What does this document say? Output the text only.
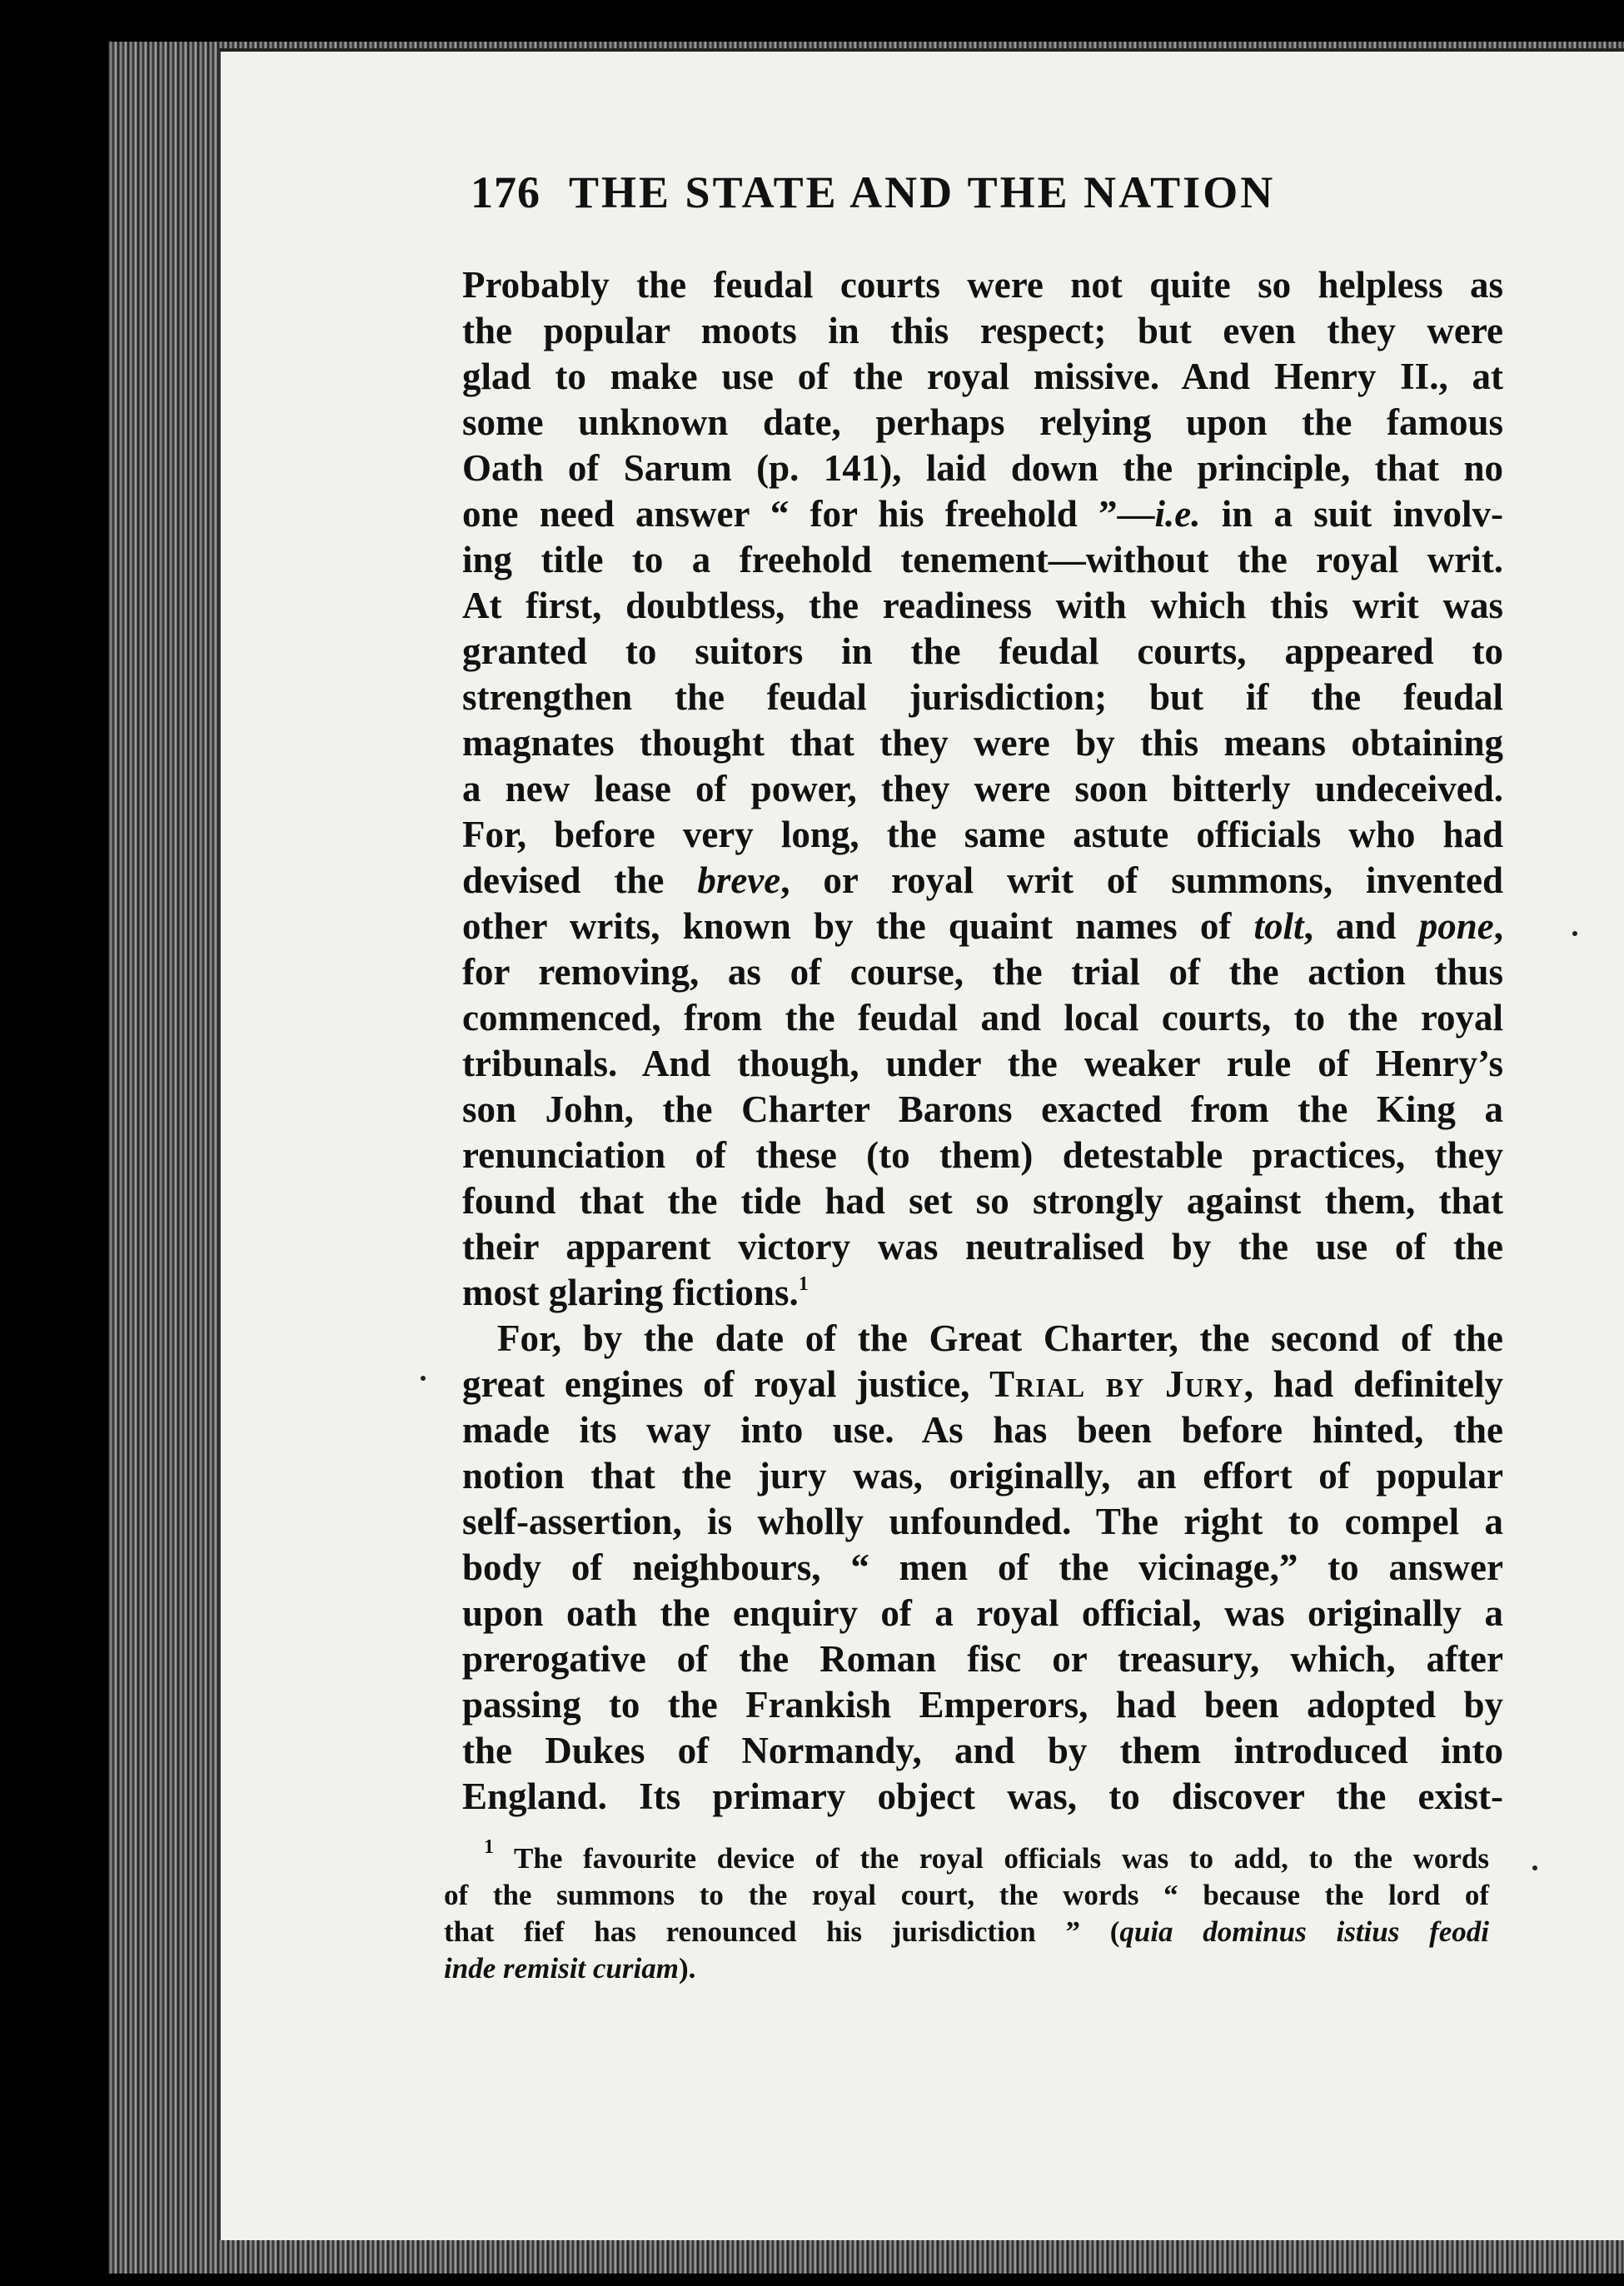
176 THE STATE AND THE NATION
Probably the feudal courts were not quite so helpless as
the popular moots in this respect; but even they were
glad to make use of the royal missive. And Henry II., at
some unknown date, perhaps relying upon the famous
Oath of Sarum (p. 141), laid down the principle, that no
one need answer “ for his freehold ”—i.e. in a suit involv-
ing title to a freehold tenement—without the royal writ.
At first, doubtless, the readiness with which this writ was
granted to suitors in the feudal courts, appeared to
strengthen the feudal jurisdiction; but if the feudal
magnates thought that they were by this means obtaining
a new lease of power, they were soon bitterly undeceived.
For, before very long, the same astute officials who had
devised the breve, or royal writ of summons, invented
other writs, known by the quaint names of tolt, and pone,
for removing, as of course, the trial of the action thus
commenced, from the feudal and local courts, to the royal
tribunals. And though, under the weaker rule of Henry’s
son John, the Charter Barons exacted from the King a
renunciation of these (to them) detestable practices, they
found that the tide had set so strongly against them, that
their apparent victory was neutralised by the use of the
most glaring fictions.$^1$
For, by the date of the Great Charter, the second of the
great engines of royal justice, Trial by Jury, had definitely
made its way into use. As has been before hinted, the
notion that the jury was, originally, an effort of popular
self-assertion, is wholly unfounded. The right to compel a
body of neighbours, “ men of the vicinage,” to answer
upon oath the enquiry of a royal official, was originally a
prerogative of the Roman fisc or treasury, which, after
passing to the Frankish Emperors, had been adopted by
the Dukes of Normandy, and by them introduced into
England. Its primary object was, to discover the exist-
$^1$ The favourite device of the royal officials was to add, to the words
of the summons to the royal court, the words “ because the lord of
that fief has renounced his jurisdiction ” (quia dominus istius feodi
inde remisit curiam).
